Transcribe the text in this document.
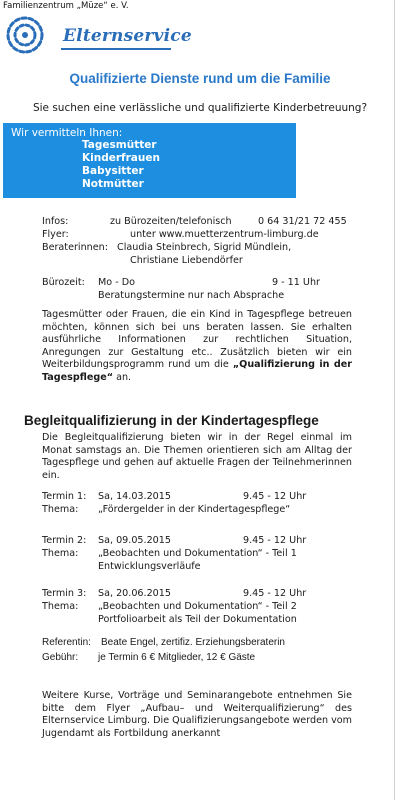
Familienzentrum „Müze“ e. V.
Elternservice
Qualifizierte Dienste rund um die Familie
Sie suchen eine verlässliche und qualifizierte Kinderbetreuung?
Wir vermitteln Ihnen:
Tagesmütter
Kinderfrauen
Babysitter
Notmütter
Infos:	zu Bürozeiten/telefonisch	0 64 31/21 72 455
Flyer:	unter www.muetterzentrum-limburg.de
Beraterinnen: Claudia Steinbrech, Sigrid Mündlein,
Christiane Liebendörfer
Bürozeit: Mo - Do	9 - 11 Uhr
Beratungstermine nur nach Absprache
Tagesmütter oder Frauen, die ein Kind in Tagespflege betreuen möchten, können sich bei uns beraten lassen. Sie erhalten ausführliche Informationen zur rechtlichen Situation, Anregungen zur Gestaltung etc.. Zusätzlich bieten wir ein Weiterbildungsprogramm rund um die „Qualifizierung in der Tagespflege“ an.
Begleitqualifizierung in der Kindertagespflege
Die Begleitqualifizierung bieten wir in der Regel einmal im Monat samstags an. Die Themen orientieren sich am Alltag der Tagespflege und gehen auf aktuelle Fragen der Teilnehmerinnen ein.
Termin 1: Sa, 14.03.2015	9.45 - 12 Uhr
Thema: „Fördergelder in der Kindertagespflege“
Termin 2: Sa, 09.05.2015	9.45 - 12 Uhr
Thema: „Beobachten und Dokumentation“ - Teil 1
Entwicklungsverläufe
Termin 3: Sa, 20.06.2015	9.45 - 12 Uhr
Thema: „Beobachten und Dokumentation“ - Teil 2
Portfolioarbeit als Teil der Dokumentation
Referentin: Beate Engel, zertifiz. Erziehungsberaterin
Gebühr: je Termin 6 € Mitglieder, 12 € Gäste
Weitere Kurse, Vorträge und Seminarangebote entnehmen Sie bitte dem Flyer „Aufbau– und Weiterqualifizierung“ des Elternservice Limburg. Die Qualifizierungsangebote werden vom Jugendamt als Fortbildung anerkannt
